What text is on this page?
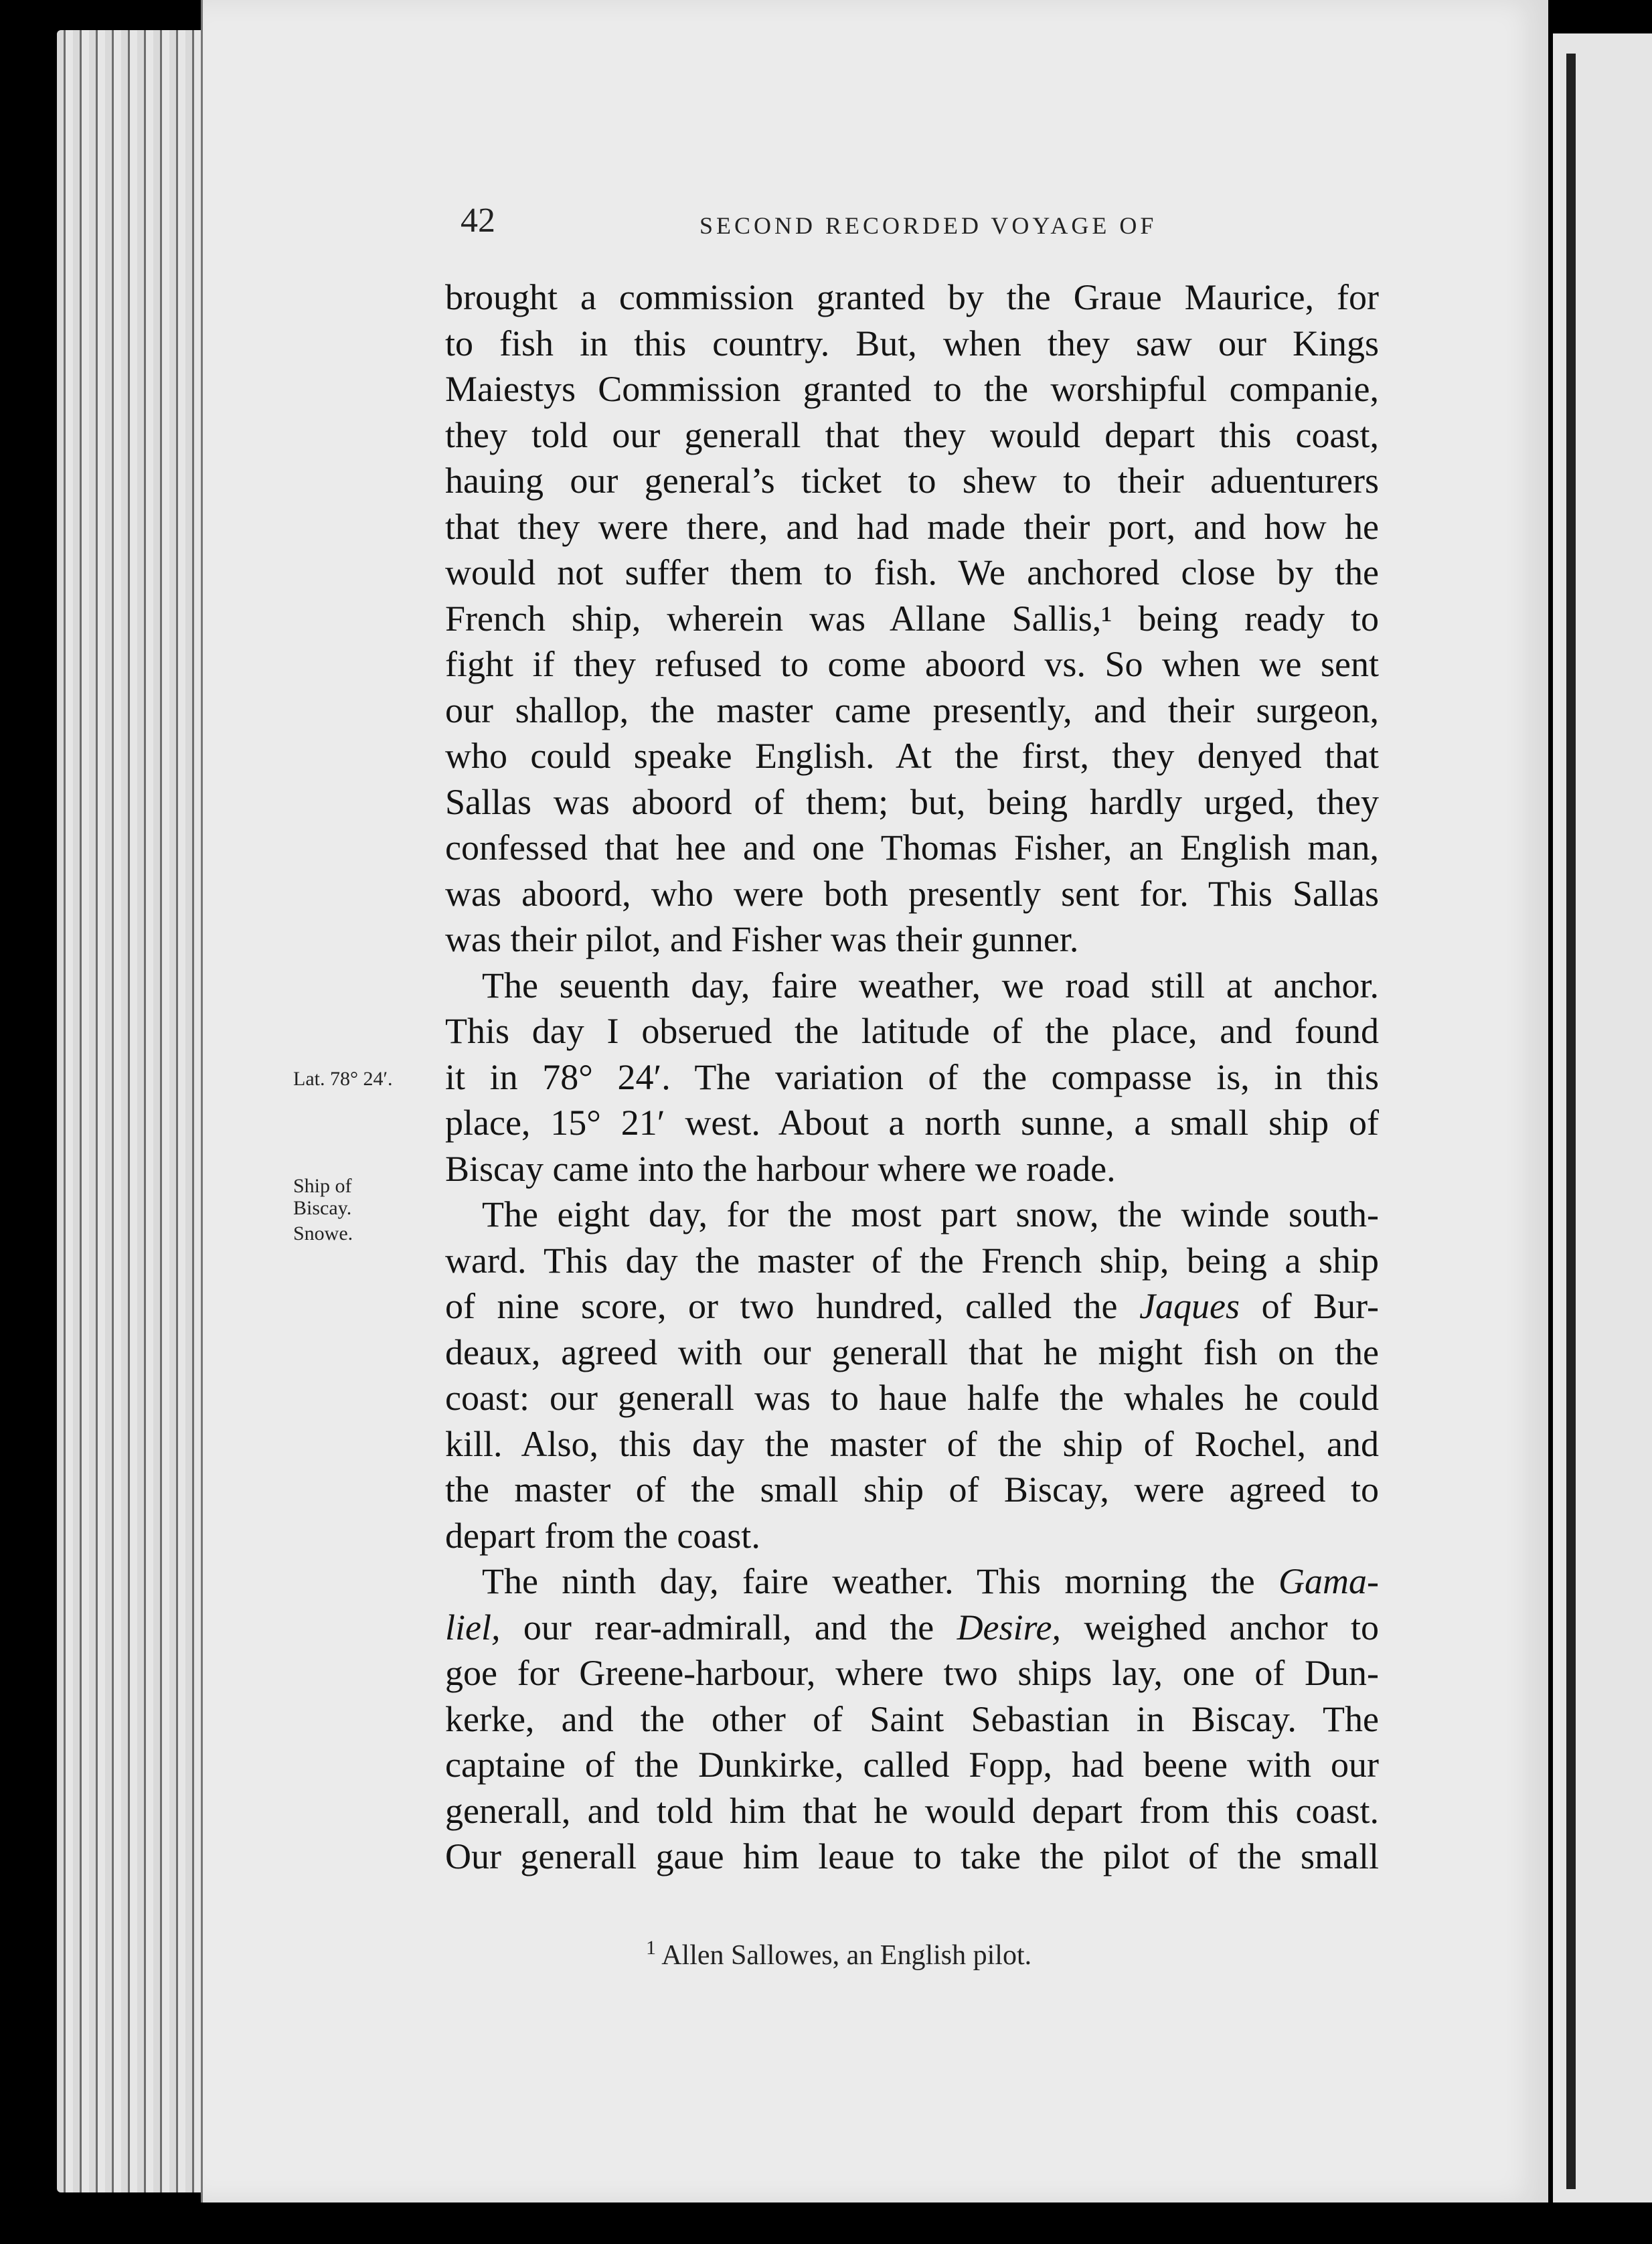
42	SECOND RECORDED VOYAGE OF
Lat. 78° 24′.
Ship of
Biscay.
Snowe.
brought a commission granted by the Graue Maurice, for
to fish in this country. But, when they saw our Kings
Maiestys Commission granted to the worshipful companie,
they told our generall that they would depart this coast,
hauing our general’s ticket to shew to their aduenturers
that they were there, and had made their port, and how he
would not suffer them to fish. We anchored close by the
French ship, wherein was Allane Sallis,¹ being ready to
fight if they refused to come aboord vs. So when we sent
our shallop, the master came presently, and their surgeon,
who could speake English. At the first, they denyed that
Sallas was aboord of them; but, being hardly urged, they
confessed that hee and one Thomas Fisher, an English man,
was aboord, who were both presently sent for. This Sallas
was their pilot, and Fisher was their gunner.
The seuenth day, faire weather, we road still at anchor.
This day I obserued the latitude of the place, and found
it in 78° 24′. The variation of the compasse is, in this
place, 15° 21′ west. About a north sunne, a small ship of
Biscay came into the harbour where we roade.
The eight day, for the most part snow, the winde south-
ward. This day the master of the French ship, being a ship
of nine score, or two hundred, called the Jaques of Bur-
deaux, agreed with our generall that he might fish on the
coast: our generall was to haue halfe the whales he could
kill. Also, this day the master of the ship of Rochel, and
the master of the small ship of Biscay, were agreed to
depart from the coast.
The ninth day, faire weather. This morning the Gama-
liel, our rear-admirall, and the Desire, weighed anchor to
goe for Greene-harbour, where two ships lay, one of Dun-
kerke, and the other of Saint Sebastian in Biscay. The
captaine of the Dunkirke, called Fopp, had beene with our
generall, and told him that he would depart from this coast.
Our generall gaue him leaue to take the pilot of the small
$^1$ Allen Sallowes, an English pilot.
